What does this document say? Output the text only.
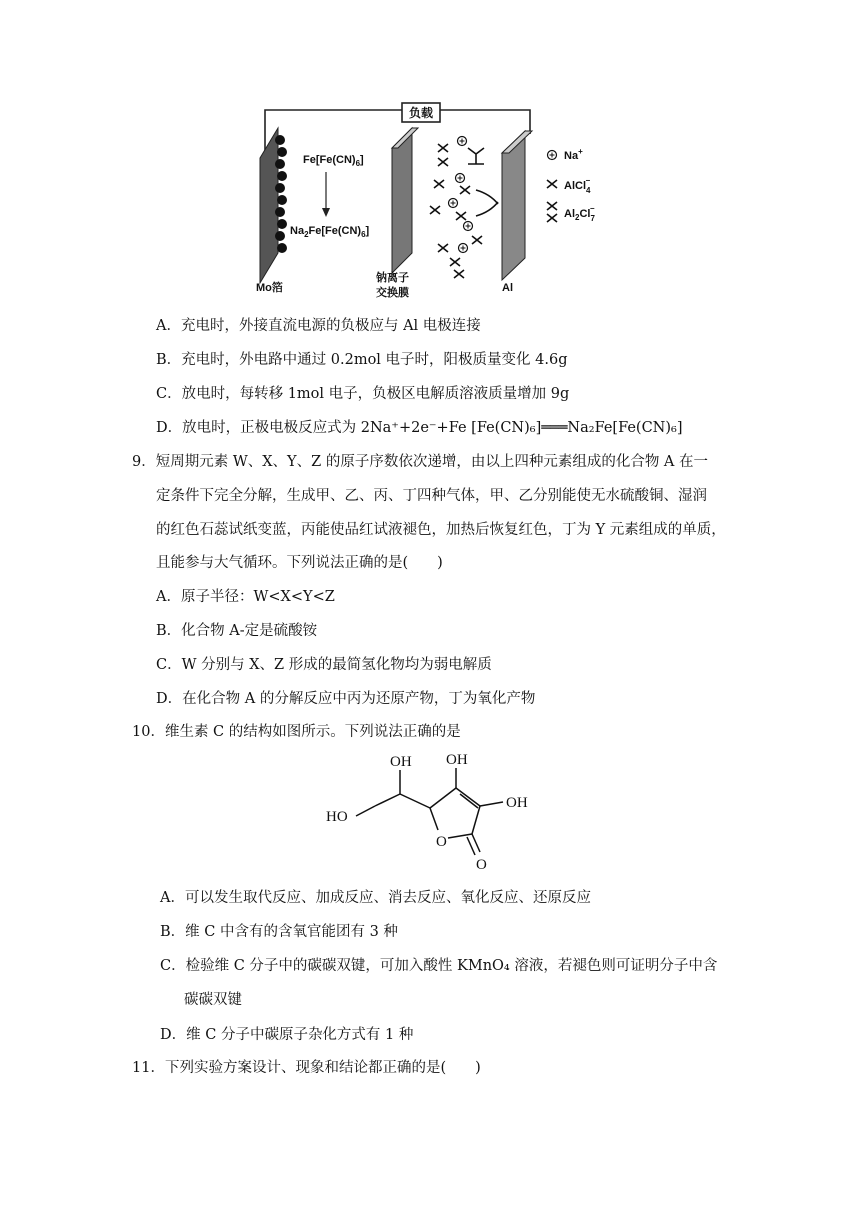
负载
$Fe[Fe(CN)_6]$
$Na_2Fe[Fe(CN)_6]$
Na+
AlCl$_4$−
$Al_2Cl_7-$
Mo箔
钠离子
交换膜	Al
A．充电时，外接直流电源的负极应与 Al 电极连接
B．充电时，外电路中通过 0.2mol 电子时，阳极质量变化 4.6g
C．放电时，每转移 1mol 电子，负极区电解质溶液质量增加 9g
D．放电时，正极电极反应式为 2Na⁺+2e⁻+Fe [Fe(CN)₆]═══Na₂Fe[Fe(CN)₆]
9．短周期元素 W、X、Y、Z 的原子序数依次递增，由以上四种元素组成的化合物 A 在一
定条件下完全分解，生成甲、乙、丙、丁四种气体，甲、乙分别能使无水硫酸铜、湿润
的红色石蕊试纸变蓝，丙能使品红试液褪色，加热后恢复红色，丁为 Y 元素组成的单质，
且能参与大气循环。下列说法正确的是(　　)
A．原子半径：W<X<Y<Z
B．化合物 A-定是硫酸铵
C．W 分别与 X、Z 形成的最简氢化物均为弱电解质
D．在化合物 A 的分解反应中丙为还原产物，丁为氧化产物
10．维生素 C 的结构如图所示。下列说法正确的是
OH OH
OH
HO
O
O
A．可以发生取代反应、加成反应、消去反应、氧化反应、还原反应
B．维 C 中含有的含氧官能团有 3 种
C．检验维 C 分子中的碳碳双键，可加入酸性 KMnO₄ 溶液，若褪色则可证明分子中含
碳碳双键
D．维 C 分子中碳原子杂化方式有 1 种
11．下列实验方案设计、现象和结论都正确的是(　　)
